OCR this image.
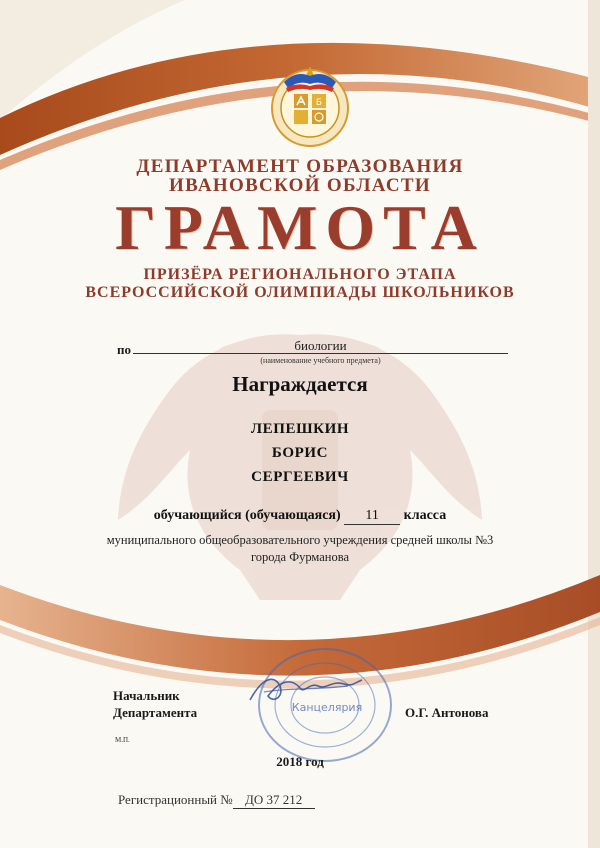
Б
ДЕПАРТАМЕНТ ОБРАЗОВАНИЯ
ИВАНОВСКОЙ ОБЛАСТИ
ГРАМОТА
ПРИЗЁРА РЕГИОНАЛЬНОГО ЭТАПА
ВСЕРОССИЙСКОЙ ОЛИМПИАДЫ ШКОЛЬНИКОВ
по	биологии
(наименование учебного предмета)
Награждается
ЛЕПЕШКИН
БОРИС
СЕРГЕЕВИЧ
обучающийся (обучающаяся) 11 класса
муниципального общеобразовательного учреждения средней школы №3
города Фурманова
Начальник
Департамента
М.П.
Канцелярия	О.Г. Антонова
2018 год
Регистрационный № ДО 37 212
